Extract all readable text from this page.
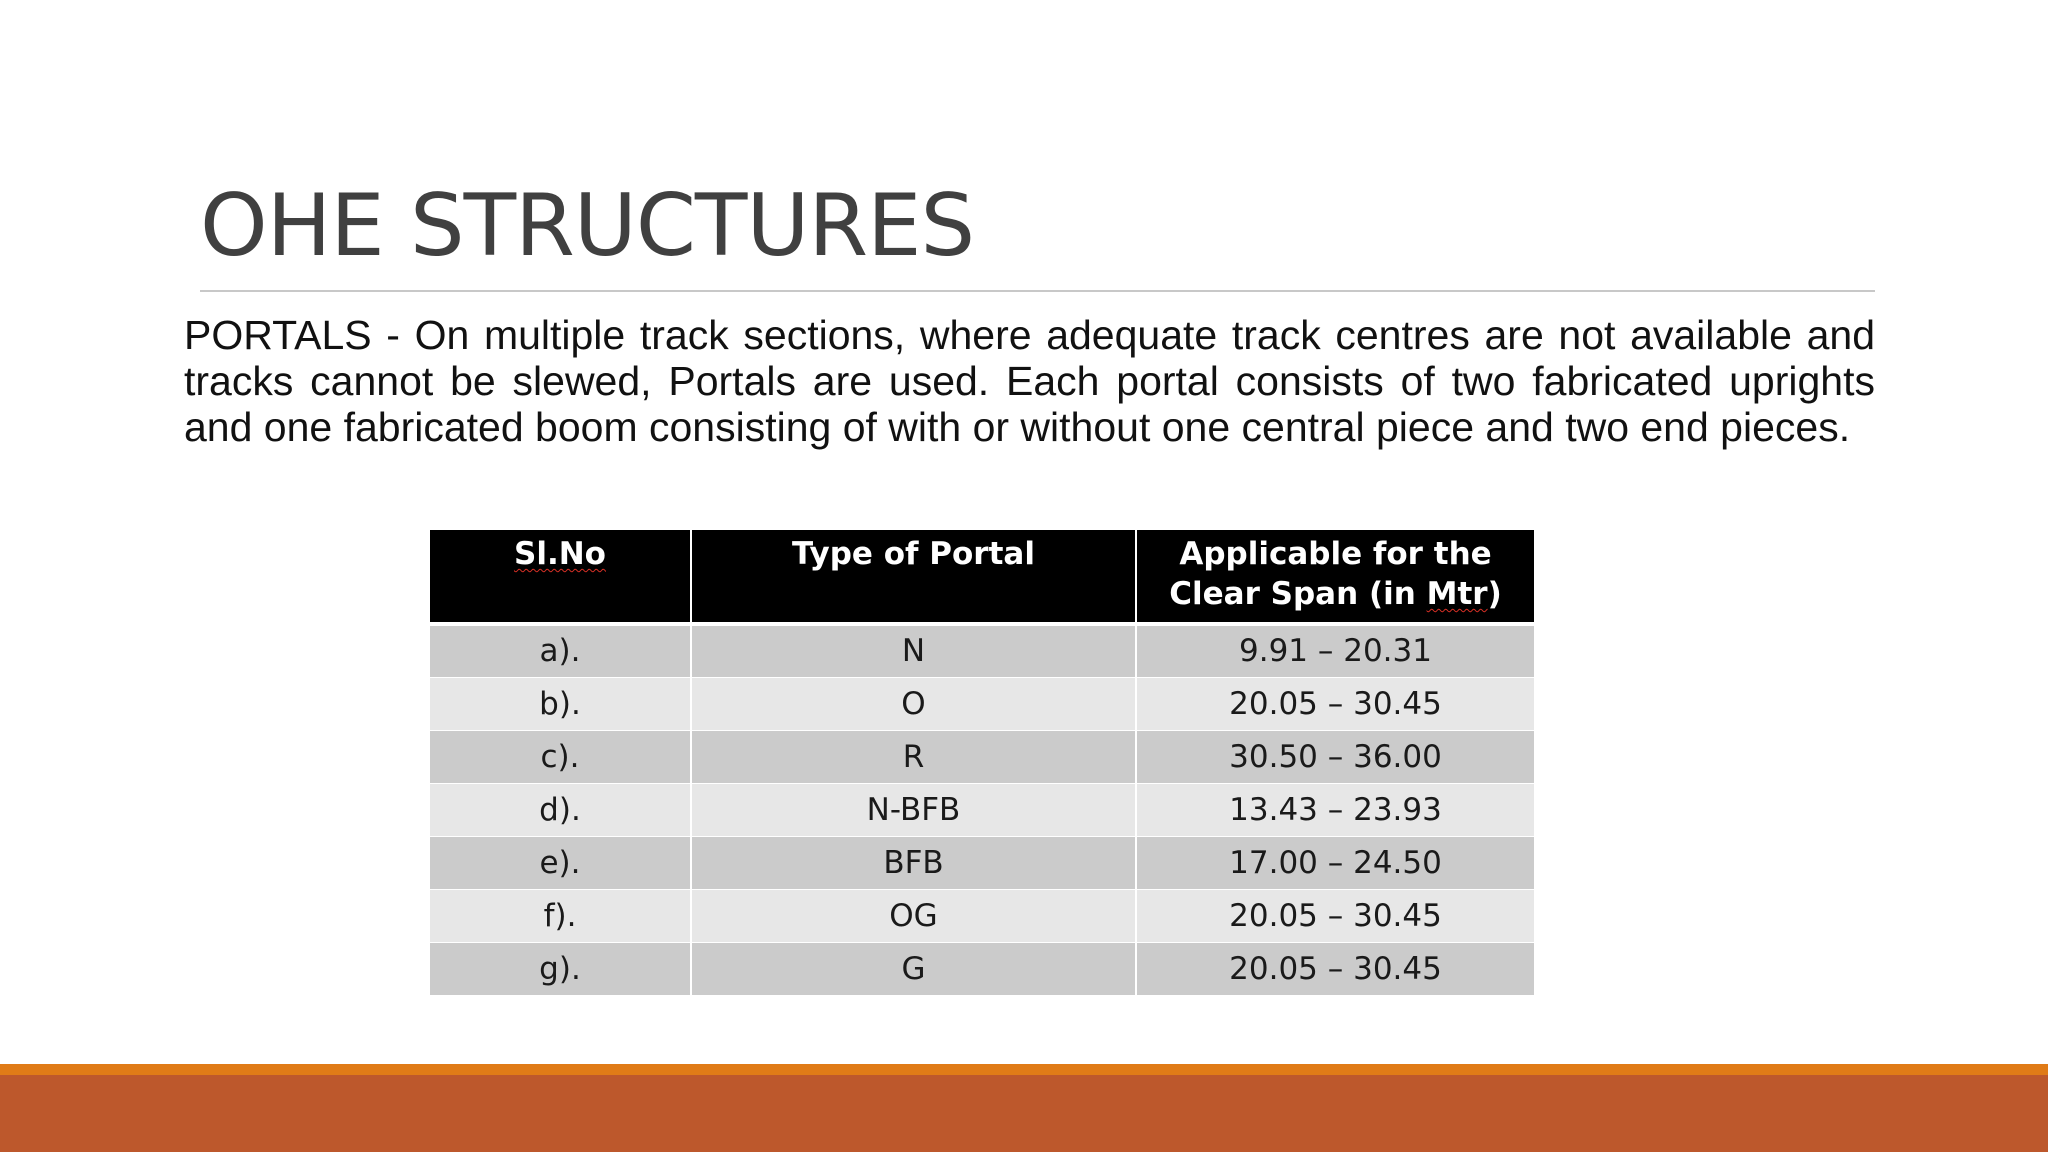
OHE STRUCTURES

PORTALS - On multiple track sections, where adequate track centres are not available and tracks cannot be slewed, Portals are used. Each portal consists of two fabricated uprights and one fabricated boom consisting of with or without one central piece and two end pieces.

Sl.No	Type of Portal	Applicable for the
Clear Span (in Mtr)
a).	N	9.91 – 20.31
b).	O	20.05 – 30.45
c).	R	30.50 – 36.00
d).	N-BFB	13.43 – 23.93
e).	BFB	17.00 – 24.50
f).	OG	20.05 – 30.45
g).	G	20.05 – 30.45
